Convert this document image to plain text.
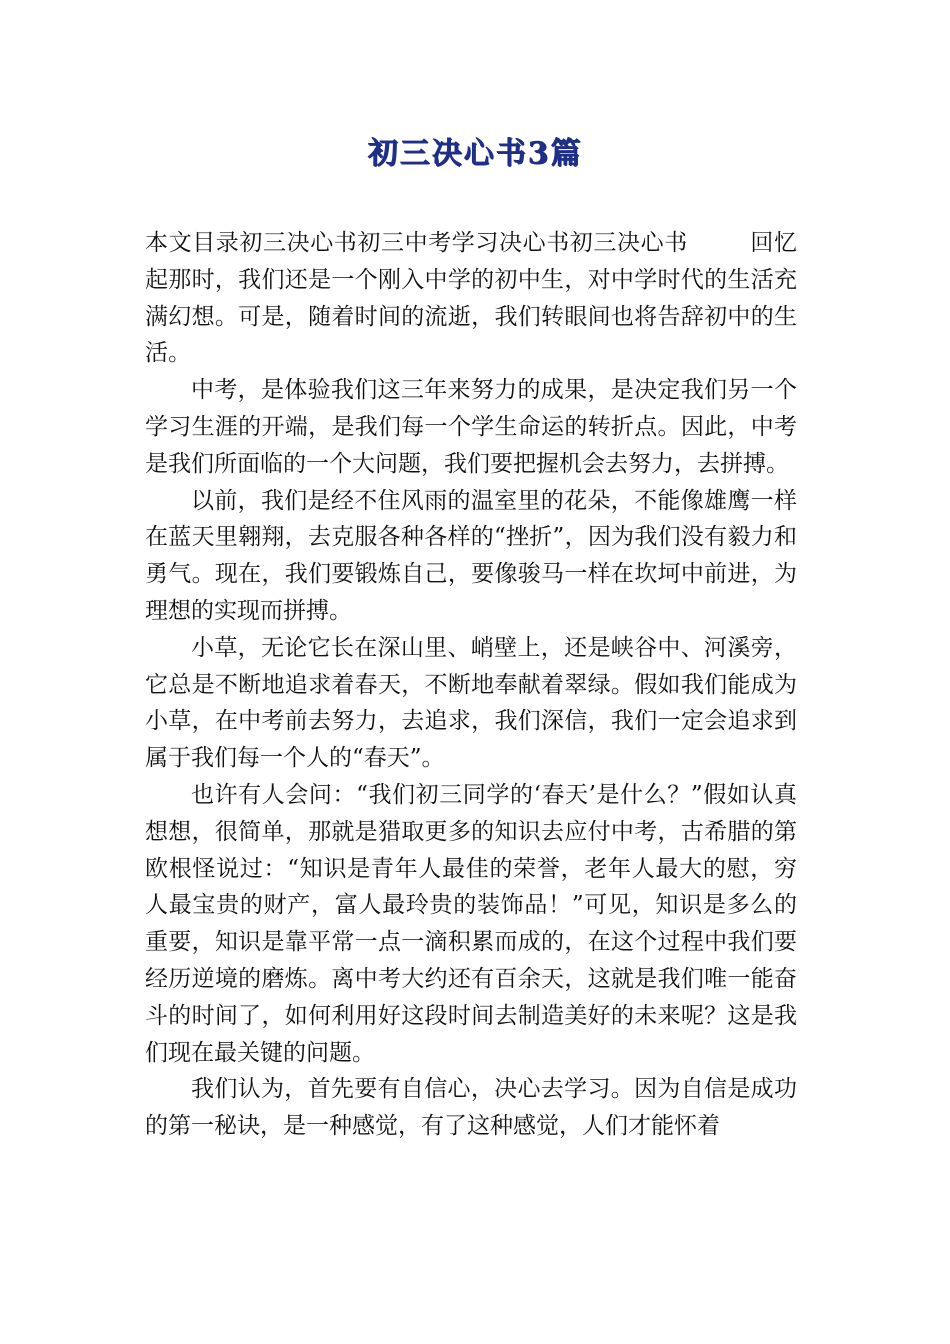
初三决心书3篇

本文目录初三决心书初三中考学习决心书初三决心书	回忆起那时，我们还是一个刚入中学的初中生，对中学时代的生活充满幻想。可是，随着时间的流逝，我们转眼间也将告辞初中的生活。

中考，是体验我们这三年来努力的成果，是决定我们另一个学习生涯的开端，是我们每一个学生命运的转折点。因此，中考是我们所面临的一个大问题，我们要把握机会去努力，去拼搏。

以前，我们是经不住风雨的温室里的花朵，不能像雄鹰一样在蓝天里翱翔，去克服各种各样的“挫折”，因为我们没有毅力和勇气。现在，我们要锻炼自己，要像骏马一样在坎坷中前进，为理想的实现而拼搏。

小草，无论它长在深山里、峭壁上，还是峡谷中、河溪旁，它总是不断地追求着春天，不断地奉献着翠绿。假如我们能成为小草，在中考前去努力，去追求，我们深信，我们一定会追求到属于我们每一个人的“春天”。

也许有人会问：“我们初三同学的‘春天’是什么？”假如认真想想，很简单，那就是猎取更多的知识去应付中考，古希腊的第欧根怪说过：“知识是青年人最佳的荣誉，老年人最大的慰，穷人最宝贵的财产，富人最玲贵的装饰品！”可见，知识是多么的重要，知识是靠平常一点一滴积累而成的，在这个过程中我们要经历逆境的磨炼。离中考大约还有百余天，这就是我们唯一能奋斗的时间了，如何利用好这段时间去制造美好的未来呢？这是我们现在最关键的问题。

我们认为，首先要有自信心，决心去学习。因为自信是成功的第一秘诀，是一种感觉，有了这种感觉，人们才能怀着
